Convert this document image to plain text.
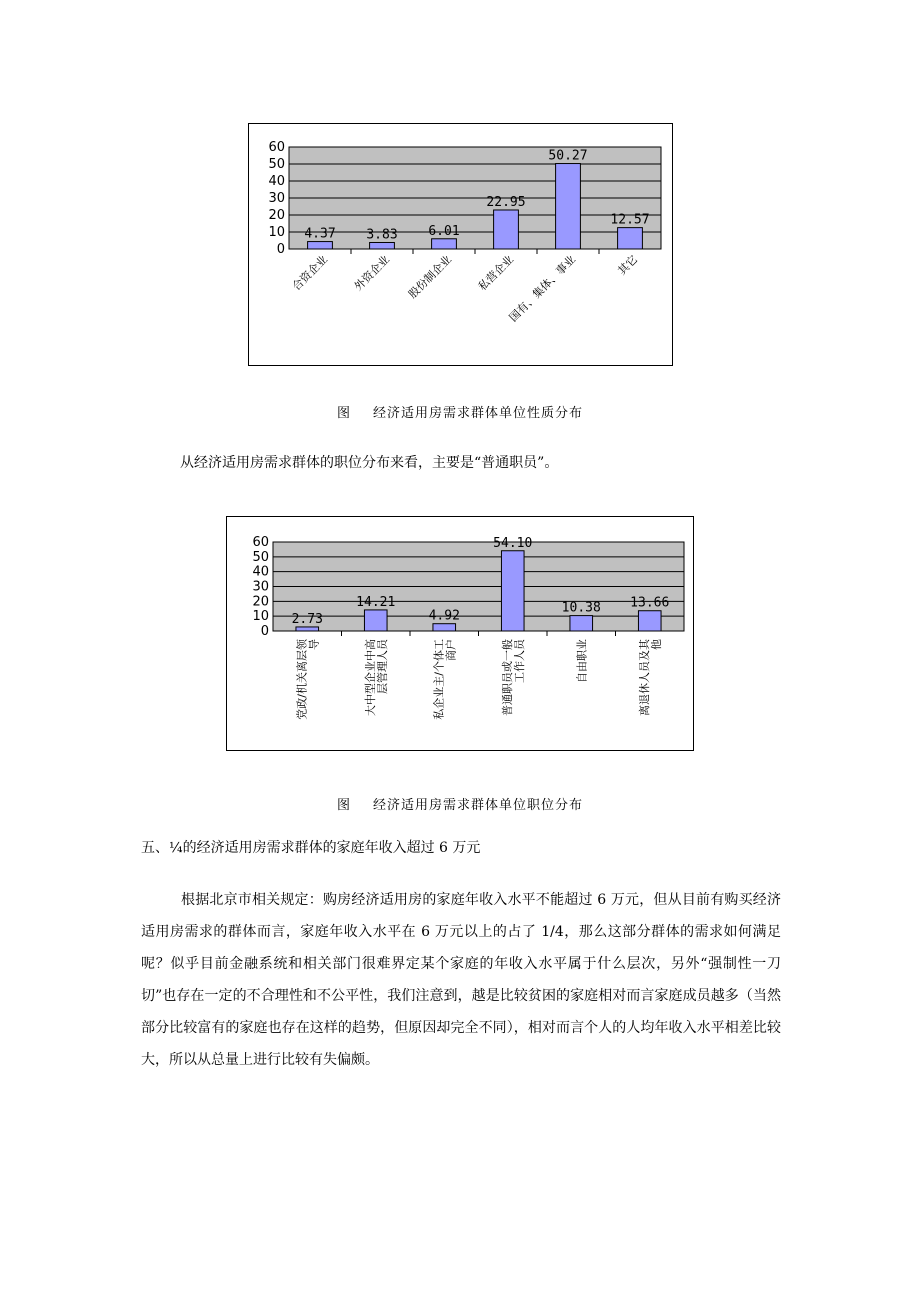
0
10
20
30
40
50
60
4.37
合资企业
3.83
外资企业
6.01
股份制企业
22.95
私营企业
50.27
国有、集体、事业
12.57
其它
图 经济适用房需求群体单位性质分布
从经济适用房需求群体的职位分布来看，主要是“普通职员”。
0
10
20
30
40
50
60
2.73
党政/机关离层领 导
14.21
大中型企业中高 层管理人员
4.92
私企业主/个体工 商户
54.10
普通职员或一般 工作人员
10.38
自由职业
13.66
离退休人员及其 他
图 经济适用房需求群体单位职位分布
五、¼的经济适用房需求群体的家庭年收入超过 6 万元
根据北京市相关规定：购房经济适用房的家庭年收入水平不能超过 6 万元，但从目前有购买经济适用房需求的群体而言，家庭年收入水平在 6 万元以上的占了 1/4，那么这部分群体的需求如何满足呢？似乎目前金融系统和相关部门很难界定某个家庭的年收入水平属于什么层次，另外“强制性一刀切”也存在一定的不合理性和不公平性，我们注意到，越是比较贫困的家庭相对而言家庭成员越多（当然部分比较富有的家庭也存在这样的趋势，但原因却完全不同），相对而言个人的人均年收入水平相差比较大，所以从总量上进行比较有失偏颇。
